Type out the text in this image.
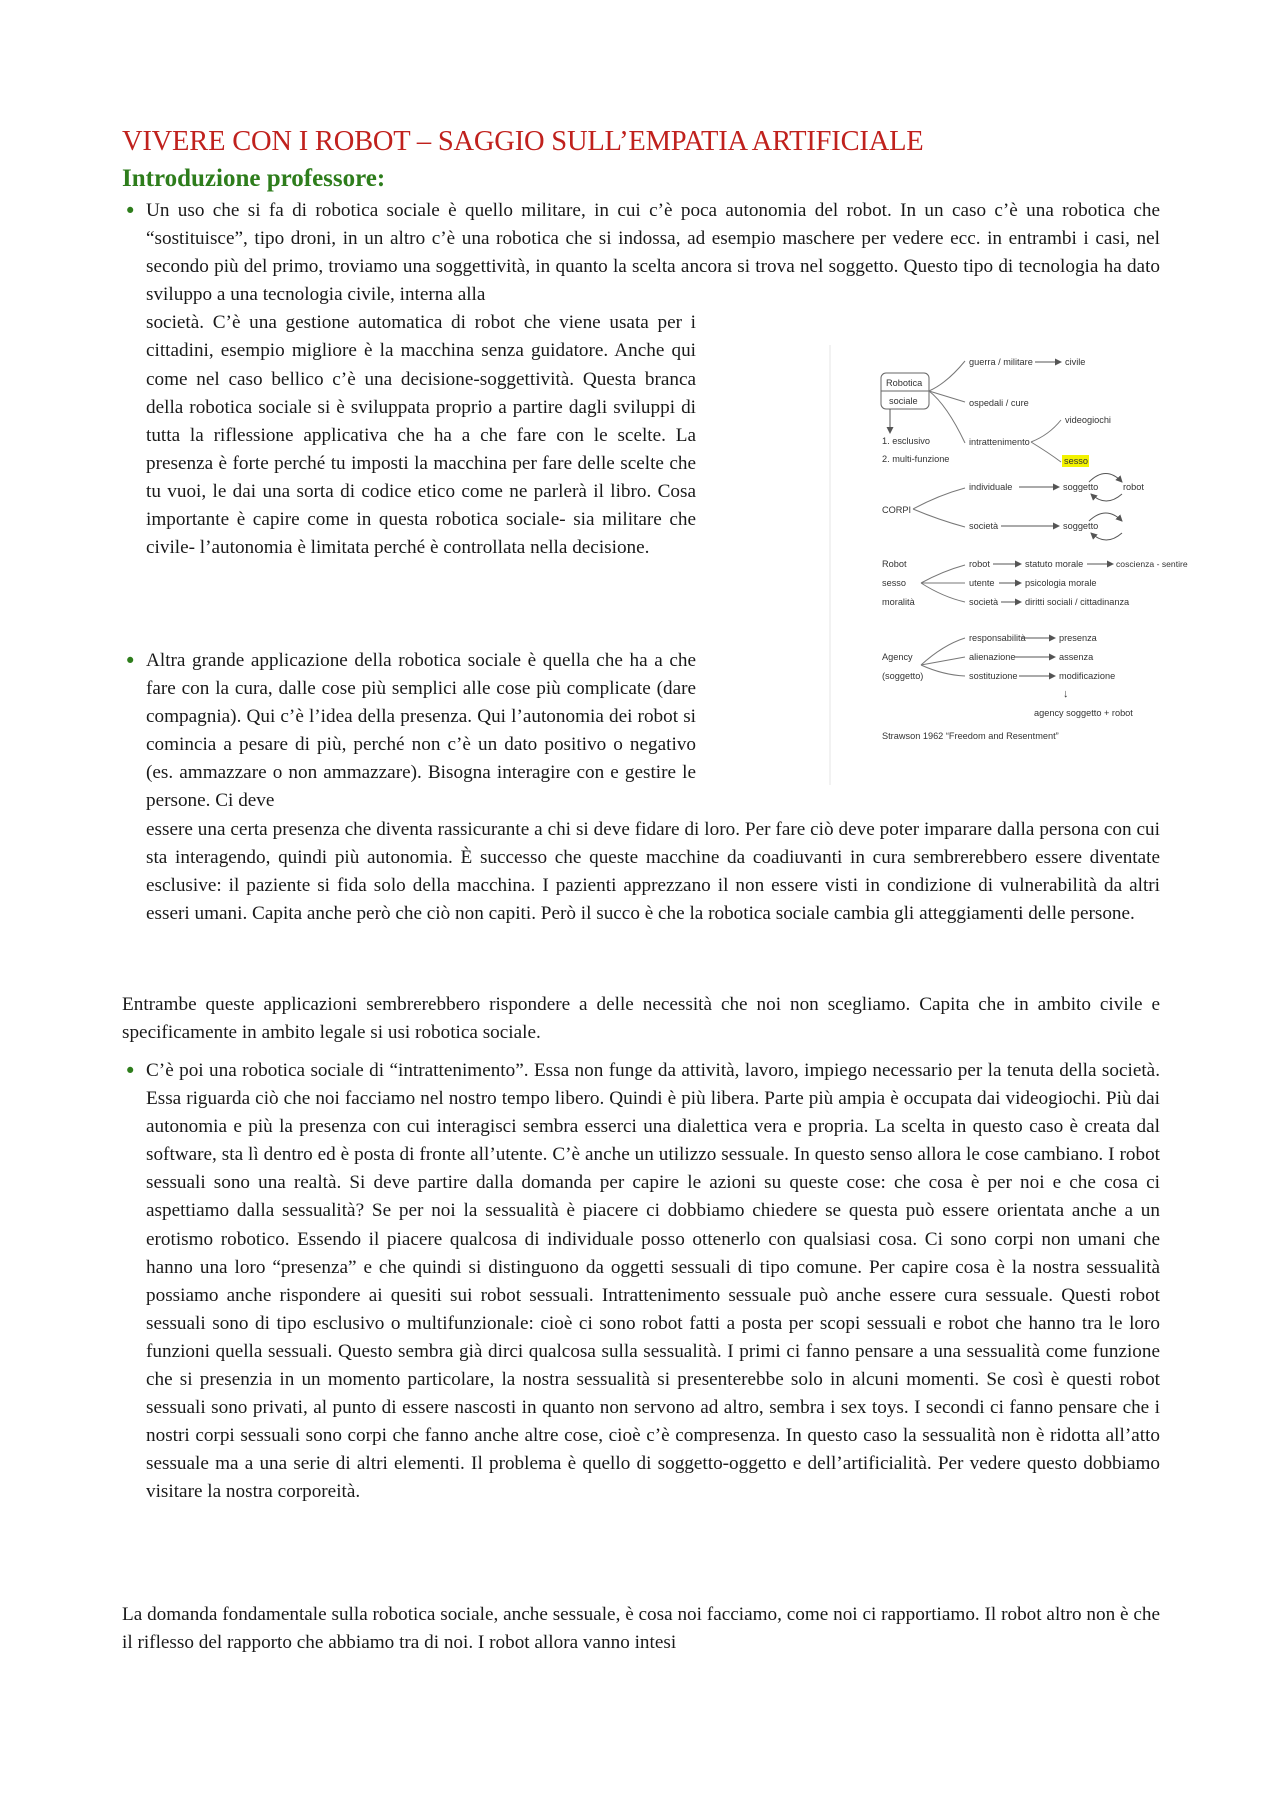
VIVERE CON I ROBOT – SAGGIO SULL’EMPATIA ARTIFICIALE
Introduzione professore:
• Un uso che si fa di robotica sociale è quello militare, in cui c’è poca autonomia del robot. In un caso c’è una robotica che “sostituisce”, tipo droni, in un altro c’è una robotica che si indossa, ad esempio maschere per vedere ecc. in entrambi i casi, nel secondo più del primo, troviamo una soggettività, in quanto la scelta ancora si trova nel soggetto. Questo tipo di tecnologia ha dato sviluppo a una tecnologia civile, interna alla

società. C’è una gestione automatica di robot che viene usata per i cittadini, esempio migliore è la macchina senza guidatore. Anche qui come nel caso bellico c’è una decisione-soggettività. Questa branca della robotica sociale si è sviluppata proprio a partire dagli sviluppi di tutta la riflessione applicativa che ha a che fare con le scelte. La presenza è forte perché tu imposti la macchina per fare delle scelte che tu vuoi, le dai una sorta di codice etico come ne parlerà il libro. Cosa importante è capire come in questa robotica sociale- sia militare che civile- l’autonomia è limitata perché è controllata nella decisione.

• Altra grande applicazione della robotica sociale è quella che ha a che fare con la cura, dalle cose più semplici alle cose più complicate (dare compagnia). Qui c’è l’idea della presenza. Qui l’autonomia dei robot si comincia a pesare di più, perché non c’è un dato positivo o negativo (es. ammazzare o non ammazzare). Bisogna interagire con e gestire le persone. Ci deve

essere una certa presenza che diventa rassicurante a chi si deve fidare di loro. Per fare ciò deve poter imparare dalla persona con cui sta interagendo, quindi più autonomia. È successo che queste macchine da coadiuvanti in cura sembrerebbero essere diventate esclusive: il paziente si fida solo della macchina. I pazienti apprezzano il non essere visti in condizione di vulnerabilità da altri esseri umani. Capita anche però che ciò non capiti. Però il succo è che la robotica sociale cambia gli atteggiamenti delle persone.

Entrambe queste applicazioni sembrerebbero rispondere a delle necessità che noi non scegliamo. Capita che in ambito civile e specificamente in ambito legale si usi robotica sociale.

• C’è poi una robotica sociale di “intrattenimento”. Essa non funge da attività, lavoro, impiego necessario per la tenuta della società. Essa riguarda ciò che noi facciamo nel nostro tempo libero. Quindi è più libera. Parte più ampia è occupata dai videogiochi. Più dai autonomia e più la presenza con cui interagisci sembra esserci una dialettica vera e propria. La scelta in questo caso è creata dal software, sta lì dentro ed è posta di fronte all’utente. C’è anche un utilizzo sessuale. In questo senso allora le cose cambiano. I robot sessuali sono una realtà. Si deve partire dalla domanda per capire le azioni su queste cose: che cosa è per noi e che cosa ci aspettiamo dalla sessualità? Se per noi la sessualità è piacere ci dobbiamo chiedere se questa può essere orientata anche a un erotismo robotico. Essendo il piacere qualcosa di individuale posso ottenerlo con qualsiasi cosa. Ci sono corpi non umani che hanno una loro “presenza” e che quindi si distinguono da oggetti sessuali di tipo comune. Per capire cosa è la nostra sessualità possiamo anche rispondere ai quesiti sui robot sessuali. Intrattenimento sessuale può anche essere cura sessuale. Questi robot sessuali sono di tipo esclusivo o multifunzionale: cioè ci sono robot fatti a posta per scopi sessuali e robot che hanno tra le loro funzioni quella sessuali. Questo sembra già dirci qualcosa sulla sessualità. I primi ci fanno pensare a una sessualità come funzione che si presenzia in un momento particolare, la nostra sessualità si presenterebbe solo in alcuni momenti. Se così è questi robot sessuali sono privati, al punto di essere nascosti in quanto non servono ad altro, sembra i sex toys. I secondi ci fanno pensare che i nostri corpi sessuali sono corpi che fanno anche altre cose, cioè c’è compresenza. In questo caso la sessualità non è ridotta all’atto sessuale ma a una serie di altri elementi. Il problema è quello di soggetto-oggetto e dell’artificialità. Per vedere questo dobbiamo visitare la nostra corporeità.

La domanda fondamentale sulla robotica sociale, anche sessuale, è cosa noi facciamo, come noi ci rapportiamo. Il robot altro non è che il riflesso del rapporto che abbiamo tra di noi. I robot allora vanno intesi

Robotica
sociale
1. esclusivo
2. multi-funzione
guerra / militare	civile
ospedali / cure
intrattenimento
videogiochi
sesso
CORPI
individuale	soggetto	robot
società	soggetto
Robot
sesso
moralità
robot
utente
società
statuto morale	coscienza - sentire
psicologia morale
diritti sociali / cittadinanza
Agency
(soggetto)
responsabilità
alienazione
sostituzione
presenza
assenza
modificazione
↓
agency soggetto + robot
Strawson 1962 “Freedom and Resentment”
